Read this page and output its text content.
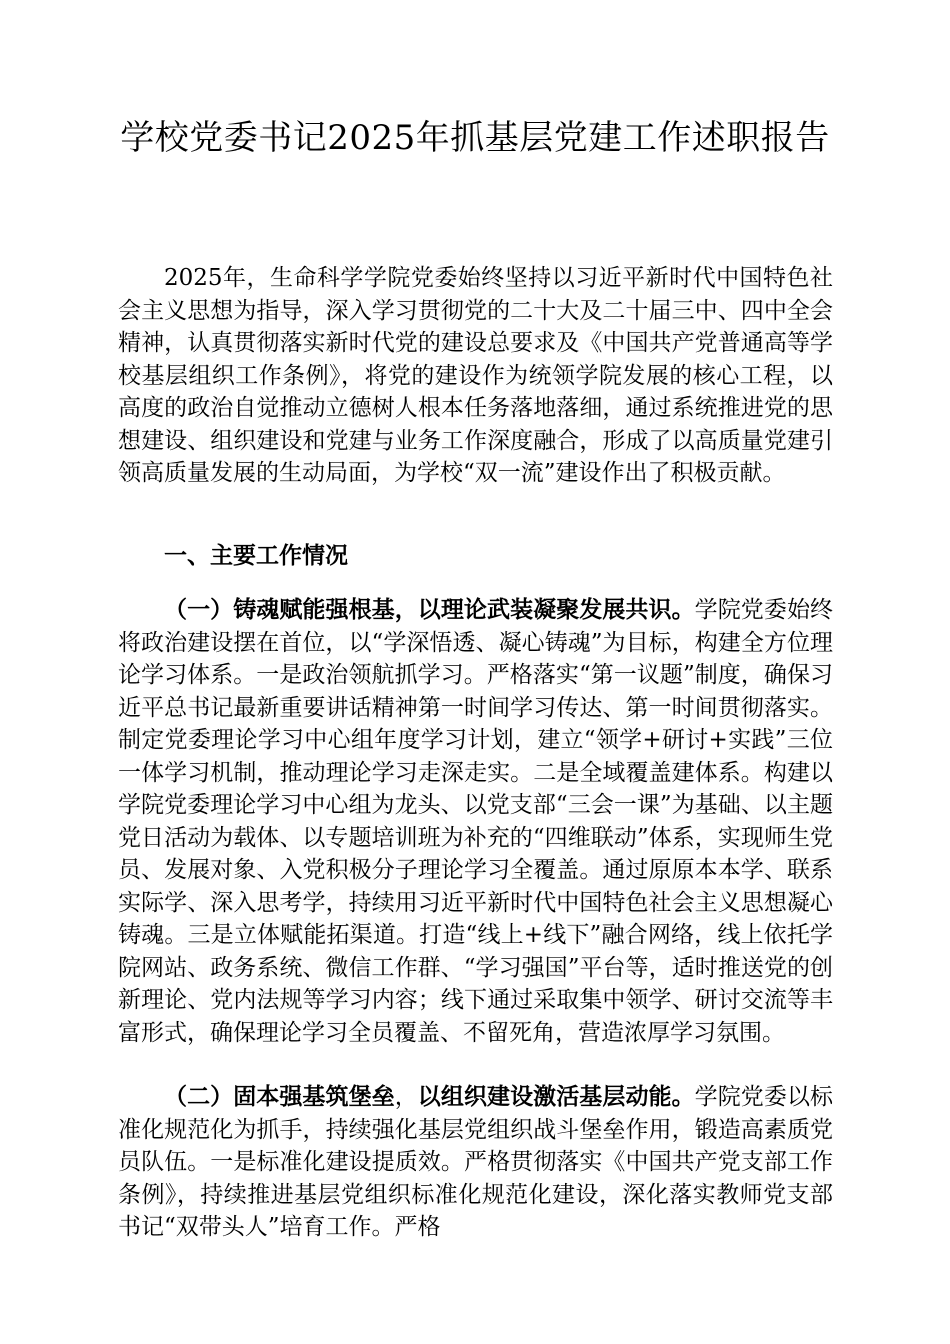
学校党委书记2025年抓基层党建工作述职报告

2025年，生命科学学院党委始终坚持以习近平新时代中国特色社会主义思想为指导，深入学习贯彻党的二十大及二十届三中、四中全会精神，认真贯彻落实新时代党的建设总要求及《中国共产党普通高等学校基层组织工作条例》，将党的建设作为统领学院发展的核心工程，以高度的政治自觉推动立德树人根本任务落地落细，通过系统推进党的思想建设、组织建设和党建与业务工作深度融合，形成了以高质量党建引领高质量发展的生动局面，为学校“双一流”建设作出了积极贡献。

一、主要工作情况

（一）铸魂赋能强根基，以理论武装凝聚发展共识。学院党委始终将政治建设摆在首位，以“学深悟透、凝心铸魂”为目标，构建全方位理论学习体系。一是政治领航抓学习。严格落实“第一议题”制度，确保习近平总书记最新重要讲话精神第一时间学习传达、第一时间贯彻落实。制定党委理论学习中心组年度学习计划，建立“领学+研讨+实践”三位一体学习机制，推动理论学习走深走实。二是全域覆盖建体系。构建以学院党委理论学习中心组为龙头、以党支部“三会一课”为基础、以主题党日活动为载体、以专题培训班为补充的“四维联动”体系，实现师生党员、发展对象、入党积极分子理论学习全覆盖。通过原原本本学、联系实际学、深入思考学，持续用习近平新时代中国特色社会主义思想凝心铸魂。三是立体赋能拓渠道。打造“线上+线下”融合网络，线上依托学院网站、政务系统、微信工作群、“学习强国”平台等，适时推送党的创新理论、党内法规等学习内容；线下通过采取集中领学、研讨交流等丰富形式，确保理论学习全员覆盖、不留死角，营造浓厚学习氛围。

（二）固本强基筑堡垒，以组织建设激活基层动能。学院党委以标准化规范化为抓手，持续强化基层党组织战斗堡垒作用，锻造高素质党员队伍。一是标准化建设提质效。严格贯彻落实《中国共产党支部工作条例》，持续推进基层党组织标准化规范化建设，深化落实教师党支部书记“双带头人”培育工作。严格
